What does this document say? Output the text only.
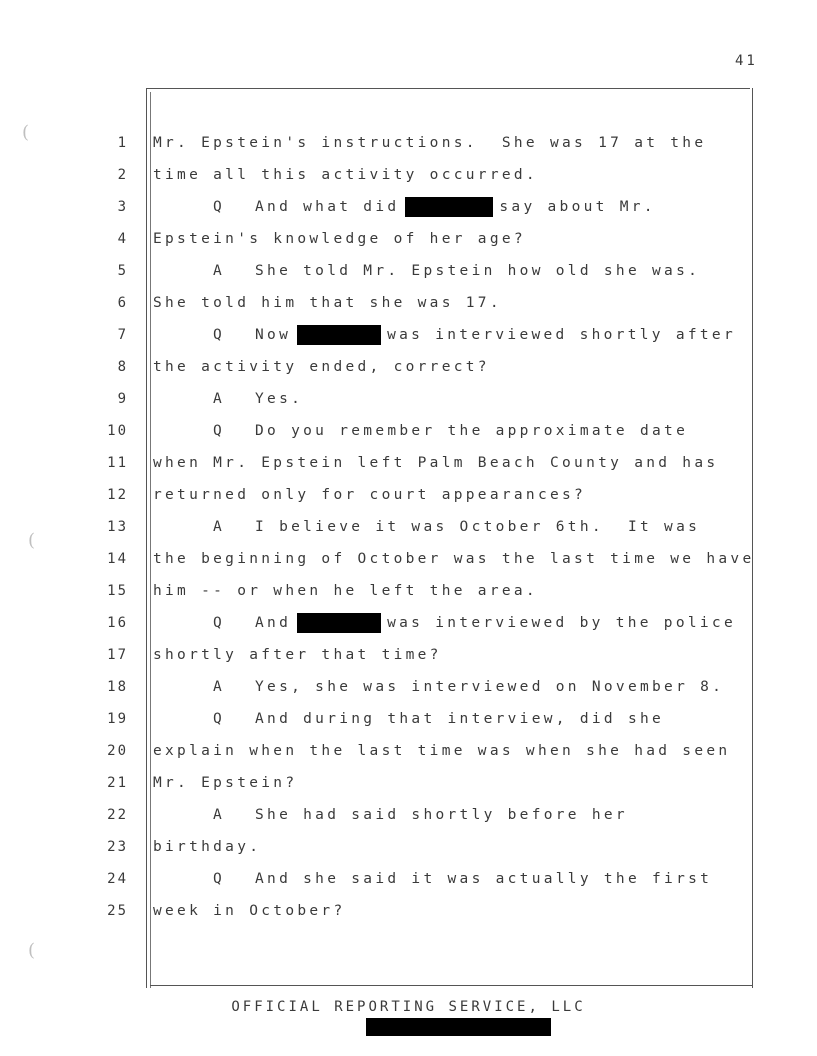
41
(
(
(
1 Mr. Epstein's instructions.  She was 17 at the
2 time all this activity occurred.
3	Q And what did	say about Mr.
4 Epstein's knowledge of her age?
5	A She told Mr. Epstein how old she was.
6 She told him that she was 17.
7	Q Now	was interviewed shortly after
8 the activity ended, correct?
9	A Yes.
10	Q Do you remember the approximate date
11 when Mr. Epstein left Palm Beach County and has
12 returned only for court appearances?
13	A I believe it was October 6th.  It was
14 the beginning of October was the last time we have
15 him -- or when he left the area.
16	Q And	was interviewed by the police
17 shortly after that time?
18	A Yes, she was interviewed on November 8.
19	Q And during that interview, did she
20 explain when the last time was when she had seen
21 Mr. Epstein?
22	A She had said shortly before her
23 birthday.
24	Q And she said it was actually the first
25 week in October?
OFFICIAL REPORTING SERVICE, LLC
